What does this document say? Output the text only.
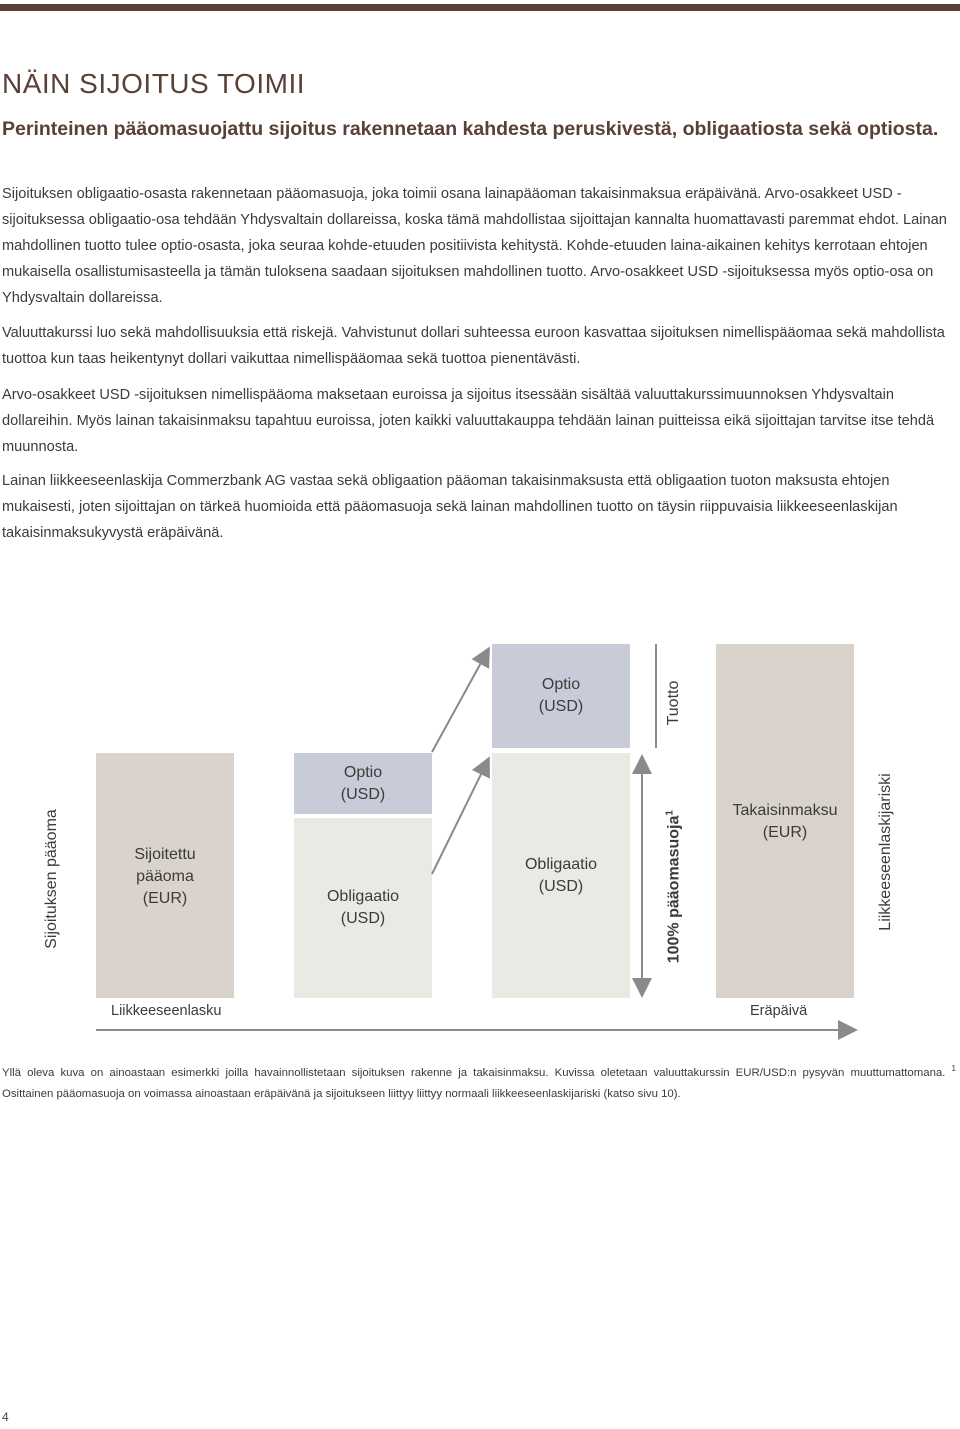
NÄIN SIJOITUS TOIMII
Perinteinen pääomasuojattu sijoitus rakennetaan kahdesta peruskivestä, obligaatiosta sekä optiosta.

Sijoituksen obligaatio-osasta rakennetaan pääomasuoja, joka toimii osana lainapääoman takaisinmaksua eräpäivänä. Arvo-osakkeet USD -sijoituksessa obligaatio-osa tehdään Yhdysvaltain dollareissa, koska tämä mahdollistaa sijoittajan kannalta huomattavasti paremmat ehdot. Lainan mahdollinen tuotto tulee optio-osasta, joka seuraa kohde-etuuden positiivista kehitystä. Kohde-etuuden laina-aikainen kehitys kerrotaan ehtojen mukaisella osallistumisasteella ja tämän tuloksena saadaan sijoituksen mahdollinen tuotto. Arvo-osakkeet USD -sijoituksessa myös optio-osa on Yhdysvaltain dollareissa.

Valuuttakurssi luo sekä mahdollisuuksia että riskejä. Vahvistunut dollari suhteessa euroon kasvattaa sijoituksen nimellispääomaa sekä mahdollista tuottoa kun taas heikentynyt dollari vaikuttaa nimellispääomaa sekä tuottoa pienentävästi.

Arvo-osakkeet USD -sijoituksen nimellispääoma maksetaan euroissa ja sijoitus itsessään sisältää valuuttakurssimuunnoksen Yhdysvaltain dollareihin. Myös lainan takaisinmaksu tapahtuu euroissa, joten kaikki valuuttakauppa tehdään lainan puitteissa eikä sijoittajan tarvitse itse tehdä muunnosta.

Lainan liikkeeseenlaskija Commerzbank AG vastaa sekä obligaation pääoman takaisinmaksusta että obligaation tuoton maksusta ehtojen mukaisesti, joten sijoittajan on tärkeä huomioida että pääomasuoja sekä lainan mahdollinen tuotto on täysin riippuvaisia liikkeeseenlaskijan takaisinmaksukyvystä eräpäivänä.

Sijoituksen pääoma	Sijoitettu
pääoma
(EUR)
Optio
(USD)
Obligaatio
(USD)
Optio
(USD)
Obligaatio
(USD)
Tuotto
100% pääomasuoja$^1$	Takaisinmaksu
(EUR)	Liikkeeseenlaskijariski
Liikkeeseenlasku	Eräpäivä
Yllä oleva kuva on ainoastaan esimerkki joilla havainnollistetaan sijoituksen rakenne ja takaisinmaksu. Kuvissa oletetaan valuuttakurssin EUR/USD:n pysyvän muuttumattomana. $^1$ Osittainen pääomasuoja on voimassa ainoastaan eräpäivänä ja sijoitukseen liittyy liittyy normaali liikkeeseenlaskijariski (katso sivu 10).
4
